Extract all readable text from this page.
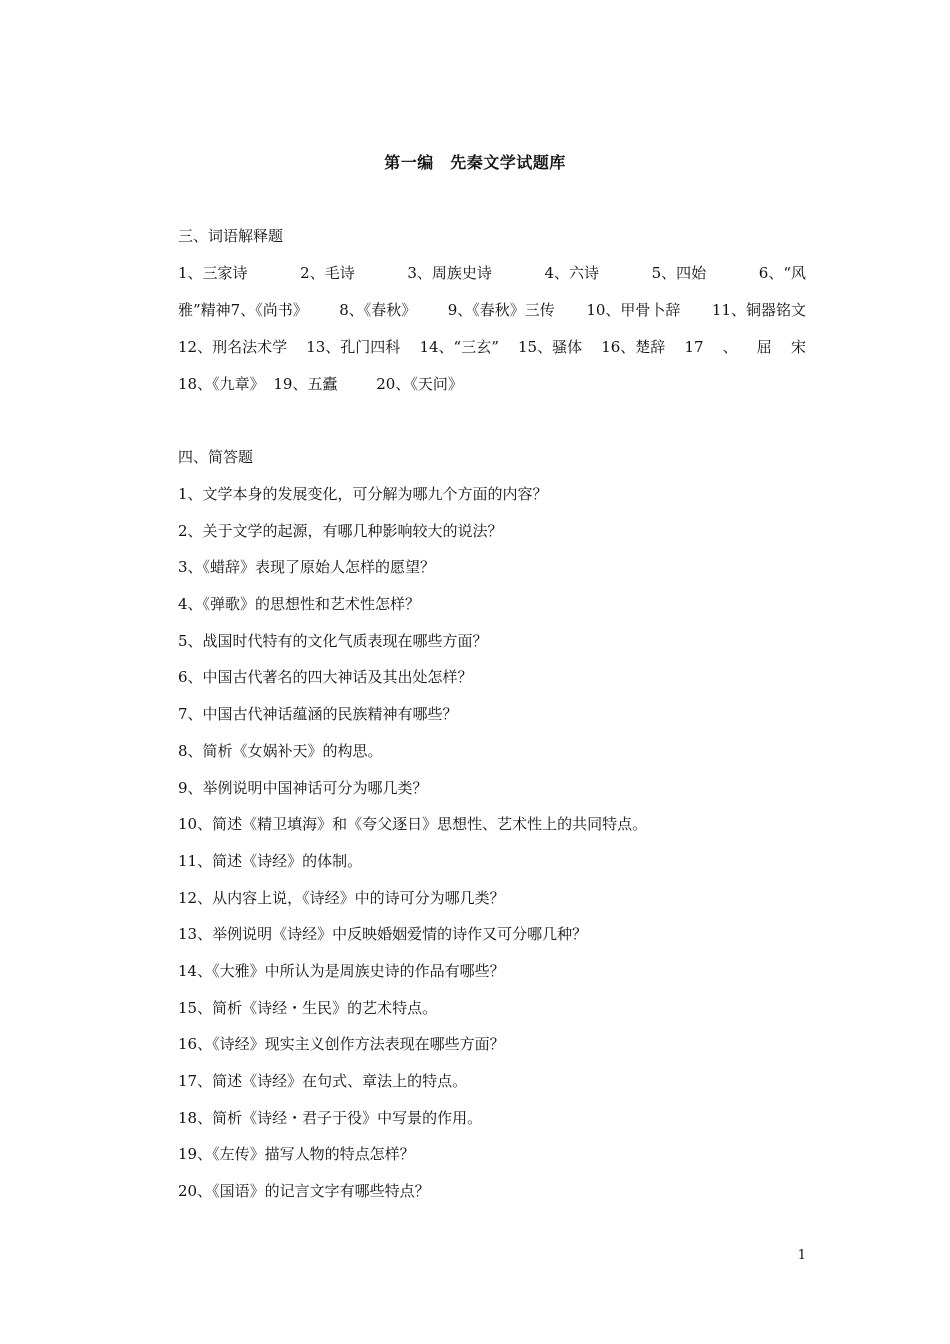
第一编　先秦文学试题库
三、词语解释题
1、三家诗	2、毛诗	3、周族史诗	4、六诗	5、四始	6、“风
雅”精神7、《尚书》 8、《春秋》 9、《春秋》三传 10、甲骨卜辞 11、铜器铭文
12、刑名法术学 13、孔门四科 14、“三玄” 15、骚体 16、楚辞 17 、 屈 宋
18、《九章》 19、五蠹	20、《天问》
四、简答题
1、文学本身的发展变化，可分解为哪九个方面的内容？
2、关于文学的起源，有哪几种影响较大的说法？
3、《蜡辞》表现了原始人怎样的愿望？
4、《弹歌》的思想性和艺术性怎样？
5、战国时代特有的文化气质表现在哪些方面？
6、中国古代著名的四大神话及其出处怎样？
7、中国古代神话蕴涵的民族精神有哪些？
8、简析《女娲补天》的构思。
9、举例说明中国神话可分为哪几类？
10、简述《精卫填海》和《夸父逐日》思想性、艺术性上的共同特点。
11、简述《诗经》的体制。
12、从内容上说，《诗经》中的诗可分为哪几类？
13、举例说明《诗经》中反映婚姻爱情的诗作又可分哪几种？
14、《大雅》中所认为是周族史诗的作品有哪些？
15、简析《诗经・生民》的艺术特点。
16、《诗经》现实主义创作方法表现在哪些方面？
17、简述《诗经》在句式、章法上的特点。
18、简析《诗经・君子于役》中写景的作用。
19、《左传》描写人物的特点怎样？
20、《国语》的记言文字有哪些特点？
1
